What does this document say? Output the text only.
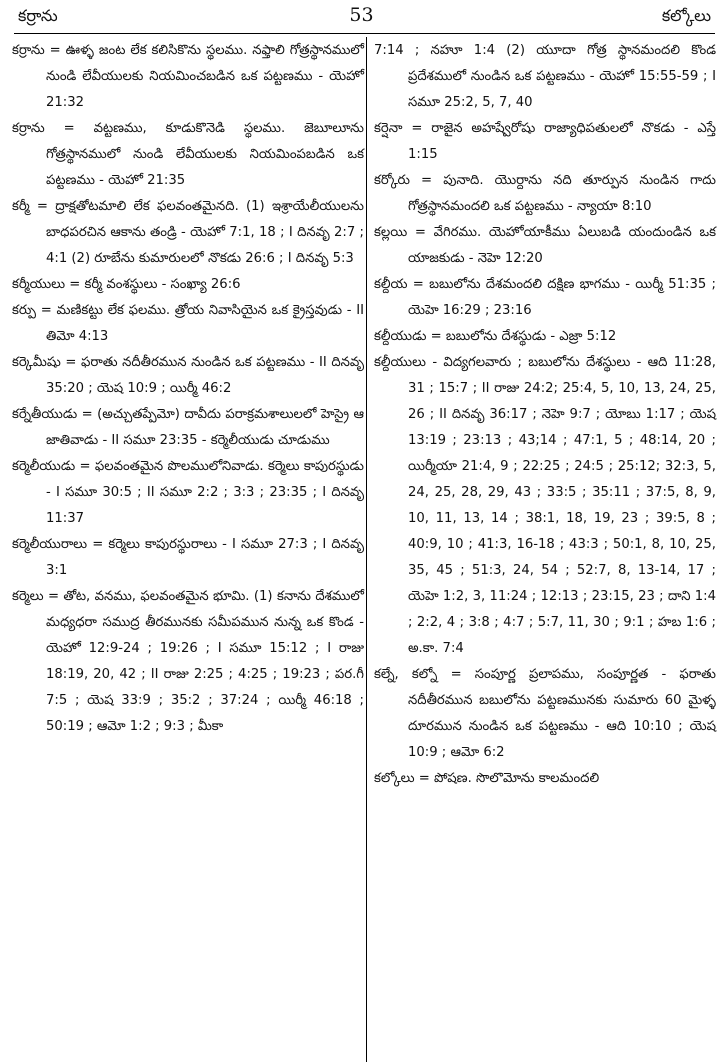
కర్రాను	53	కల్కోలు

కర్రాను = ఊళ్ళ జంట లేక కలిసికొను స్థలము. నఫ్తాలి గోత్రస్థానములో నుండి లేవీయులకు నియమించబడిన ఒక పట్టణము - యెహో 21:32

కర్రాను = వట్టణము, కూడుకొనెడి స్థలము. జెబూలూను గోత్రస్థానములో నుండి లేవీయులకు నియమింపబడిన ఒక పట్టణము - యెహో 21:35

కర్మీ = ద్రాక్షతోటమాలి లేక ఫలవంతమైనది. (1) ఇశ్రాయేలీయులను బాధపరచిన ఆకాను తండ్రి - యెహో 7:1, 18 ; I దినవృ 2:7 ; 4:1 (2) రూబేను కుమారులలో నొకడు 26:6 ; I దినవృ 5:3

కర్మీయులు = కర్మీ వంశస్థులు - సంఖ్యా 26:6

కర్పు = మణికట్టు లేక ఫలము. త్రోయ నివాసియైన ఒక క్రైస్తవుడు - II తిమో 4:13

కర్కెమీషు = ఫరాతు నదీతీరమున నుండిన ఒక పట్టణము - II దినవృ 35:20 ; యెష 10:9 ; యిర్మీ 46:2

కర్నేతీయుడు = (అచ్చుతప్పేమో) దావీదు పరాక్రమశాలులలో హెస్రై ఆ జాతివాడు - II సమూ 23:35 - కర్మెలీయుడు చూడుము

కర్మెలీయుడు = ఫలవంతమైన పొలములోనివాడు. కర్మెలు కాపురస్థుడు - I సమూ 30:5 ; II సమూ 2:2 ; 3:3 ; 23:35 ; I దినవృ 11:37

కర్మెలీయురాలు = కర్మెలు కాపురస్థురాలు - I సమూ 27:3 ; I దినవృ 3:1

కర్మెలు = తోట, వనము, ఫలవంతమైన భూమి. (1) కనాను దేశములో మధ్యధరా సముద్ర తీరమునకు సమీపమున నున్న ఒక కొండ - యెహో 12:9-24 ; 19:26 ; I సమూ 15:12 ; I రాజు 18:19, 20, 42 ; II రాజు 2:25 ; 4:25 ; 19:23 ; పర.గీ 7:5 ; యెష 33:9 ; 35:2 ; 37:24 ; యిర్మీ 46:18 ; 50:19 ; ఆమో 1:2 ; 9:3 ; మీకా

7:14 ; నహూ 1:4 (2) యూదా గోత్ర స్థానమందలి కొండ ప్రదేశములో నుండిన ఒక పట్టణము - యెహో 15:55-59 ; I సమూ 25:2, 5, 7, 40

కర్షెనా = రాజైన అహష్వేరోషు రాజ్యాధిపతులలో నొకడు - ఎస్తే 1:15

కర్కోరు = పునాది. యొర్దాను నది తూర్పున నుండిన గాదు గోత్రస్థానమందలి ఒక పట్టణము - న్యాయా 8:10

కల్లయి = వేగిరము. యెహోయాకీము ఏలుబడి యందుండిన ఒక యాజకుడు - నెహె 12:20

కల్దీయ = బబులోను దేశమందలి దక్షిణ భాగము - యిర్మీ 51:35 ; యెహె 16:29 ; 23:16

కల్దీయుడు = బబులోను దేశస్థుడు - ఎజ్రా 5:12

కల్దీయులు - విద్యగలవారు ; బబులోను దేశస్థులు - ఆది 11:28, 31 ; 15:7 ; II రాజు 24:2; 25:4, 5, 10, 13, 24, 25, 26 ; II దినవృ 36:17 ; నెహె 9:7 ; యోబు 1:17 ; యెష 13:19 ; 23:13 ; 43;14 ; 47:1, 5 ; 48:14, 20 ; యిర్మీయా 21:4, 9 ; 22:25 ; 24:5 ; 25:12; 32:3, 5, 24, 25, 28, 29, 43 ; 33:5 ; 35:11 ; 37:5, 8, 9, 10, 11, 13, 14 ; 38:1, 18, 19, 23 ; 39:5, 8 ; 40:9, 10 ; 41:3, 16-18 ; 43:3 ; 50:1, 8, 10, 25, 35, 45 ; 51:3, 24, 54 ; 52:7, 8, 13-14, 17 ; యెహె 1:2, 3, 11:24 ; 12:13 ; 23:15, 23 ; దాని 1:4 ; 2:2, 4 ; 3:8 ; 4:7 ; 5:7, 11, 30 ; 9:1 ; హబ 1:6 ; అ.కా. 7:4

కల్నే, కల్నో = సంపూర్ణ ప్రలాపము, సంపూర్ణత - ఫరాతు నదీతీరమున బబులోను పట్టణమునకు సుమారు 60 మైళ్ళ దూరమున నుండిన ఒక పట్టణము - ఆది 10:10 ; యెష 10:9 ; ఆమో 6:2

కల్కోలు = పోషణ. సొలొమోను కాలమందలి
